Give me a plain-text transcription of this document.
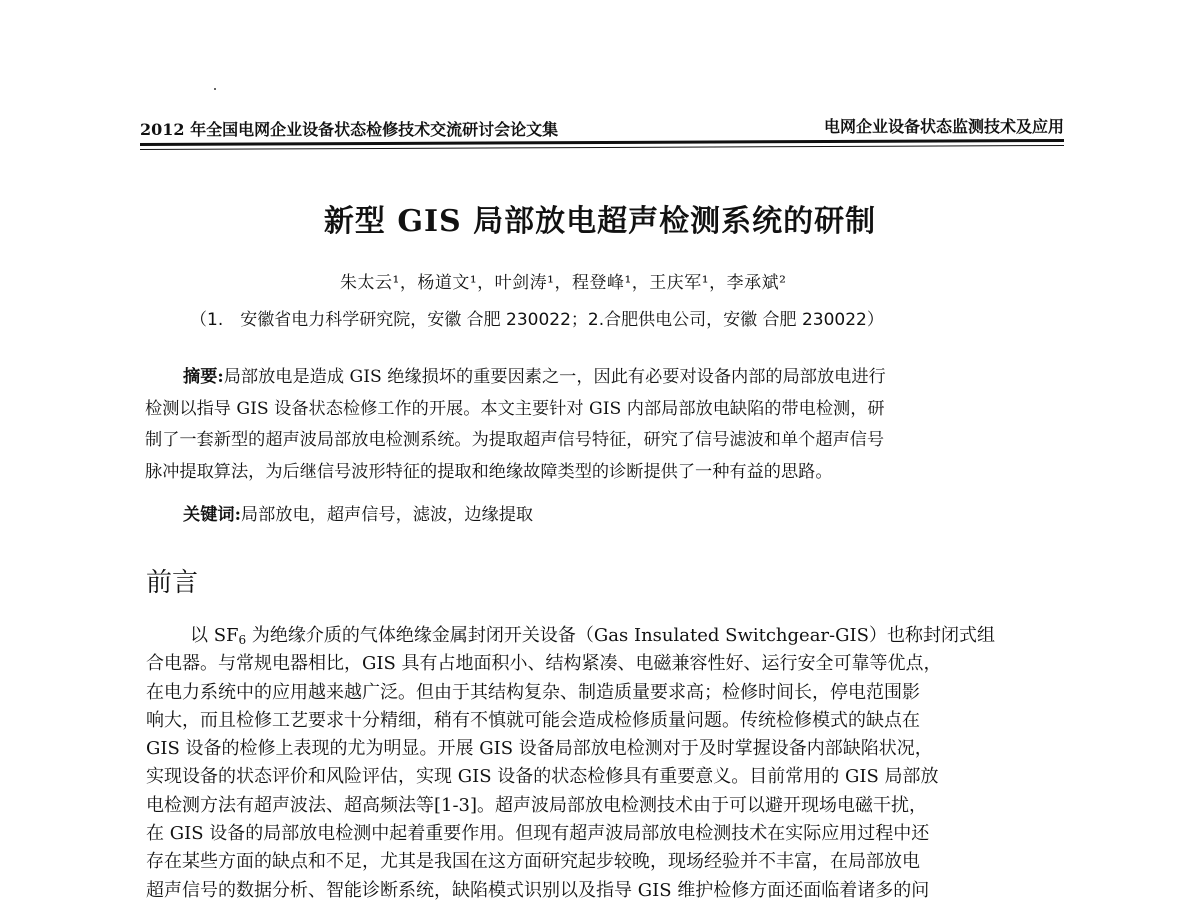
2012 年全国电网企业设备状态检修技术交流研讨会论文集	电网企业设备状态监测技术及应用
新型 GIS 局部放电超声检测系统的研制
朱太云¹，杨道文¹，叶剑涛¹，程登峰¹，王庆军¹，李承斌²
（1.　安徽省电力科学研究院，安徽 合肥 230022；2.合肥供电公司，安徽 合肥 230022）
摘要:局部放电是造成 GIS 绝缘损坏的重要因素之一，因此有必要对设备内部的局部放电进行
检测以指导 GIS 设备状态检修工作的开展。本文主要针对 GIS 内部局部放电缺陷的带电检测，研
制了一套新型的超声波局部放电检测系统。为提取超声信号特征，研究了信号滤波和单个超声信号
脉冲提取算法，为后继信号波形特征的提取和绝缘故障类型的诊断提供了一种有益的思路。
关键词:局部放电，超声信号，滤波，边缘提取
前言
以 $SF_6$ 为绝缘介质的气体绝缘金属封闭开关设备（Gas Insulated Switchgear-GIS）也称封闭式组
合电器。与常规电器相比，GIS 具有占地面积小、结构紧凑、电磁兼容性好、运行安全可靠等优点，
在电力系统中的应用越来越广泛。但由于其结构复杂、制造质量要求高；检修时间长，停电范围影
响大，而且检修工艺要求十分精细，稍有不慎就可能会造成检修质量问题。传统检修模式的缺点在
GIS 设备的检修上表现的尤为明显。开展 GIS 设备局部放电检测对于及时掌握设备内部缺陷状况，
实现设备的状态评价和风险评估，实现 GIS 设备的状态检修具有重要意义。目前常用的 GIS 局部放
电检测方法有超声波法、超高频法等[1-3]。超声波局部放电检测技术由于可以避开现场电磁干扰，
在 GIS 设备的局部放电检测中起着重要作用。但现有超声波局部放电检测技术在实际应用过程中还
存在某些方面的缺点和不足，尤其是我国在这方面研究起步较晚，现场经验并不丰富，在局部放电
超声信号的数据分析、智能诊断系统，缺陷模式识别以及指导 GIS 维护检修方面还面临着诸多的问
